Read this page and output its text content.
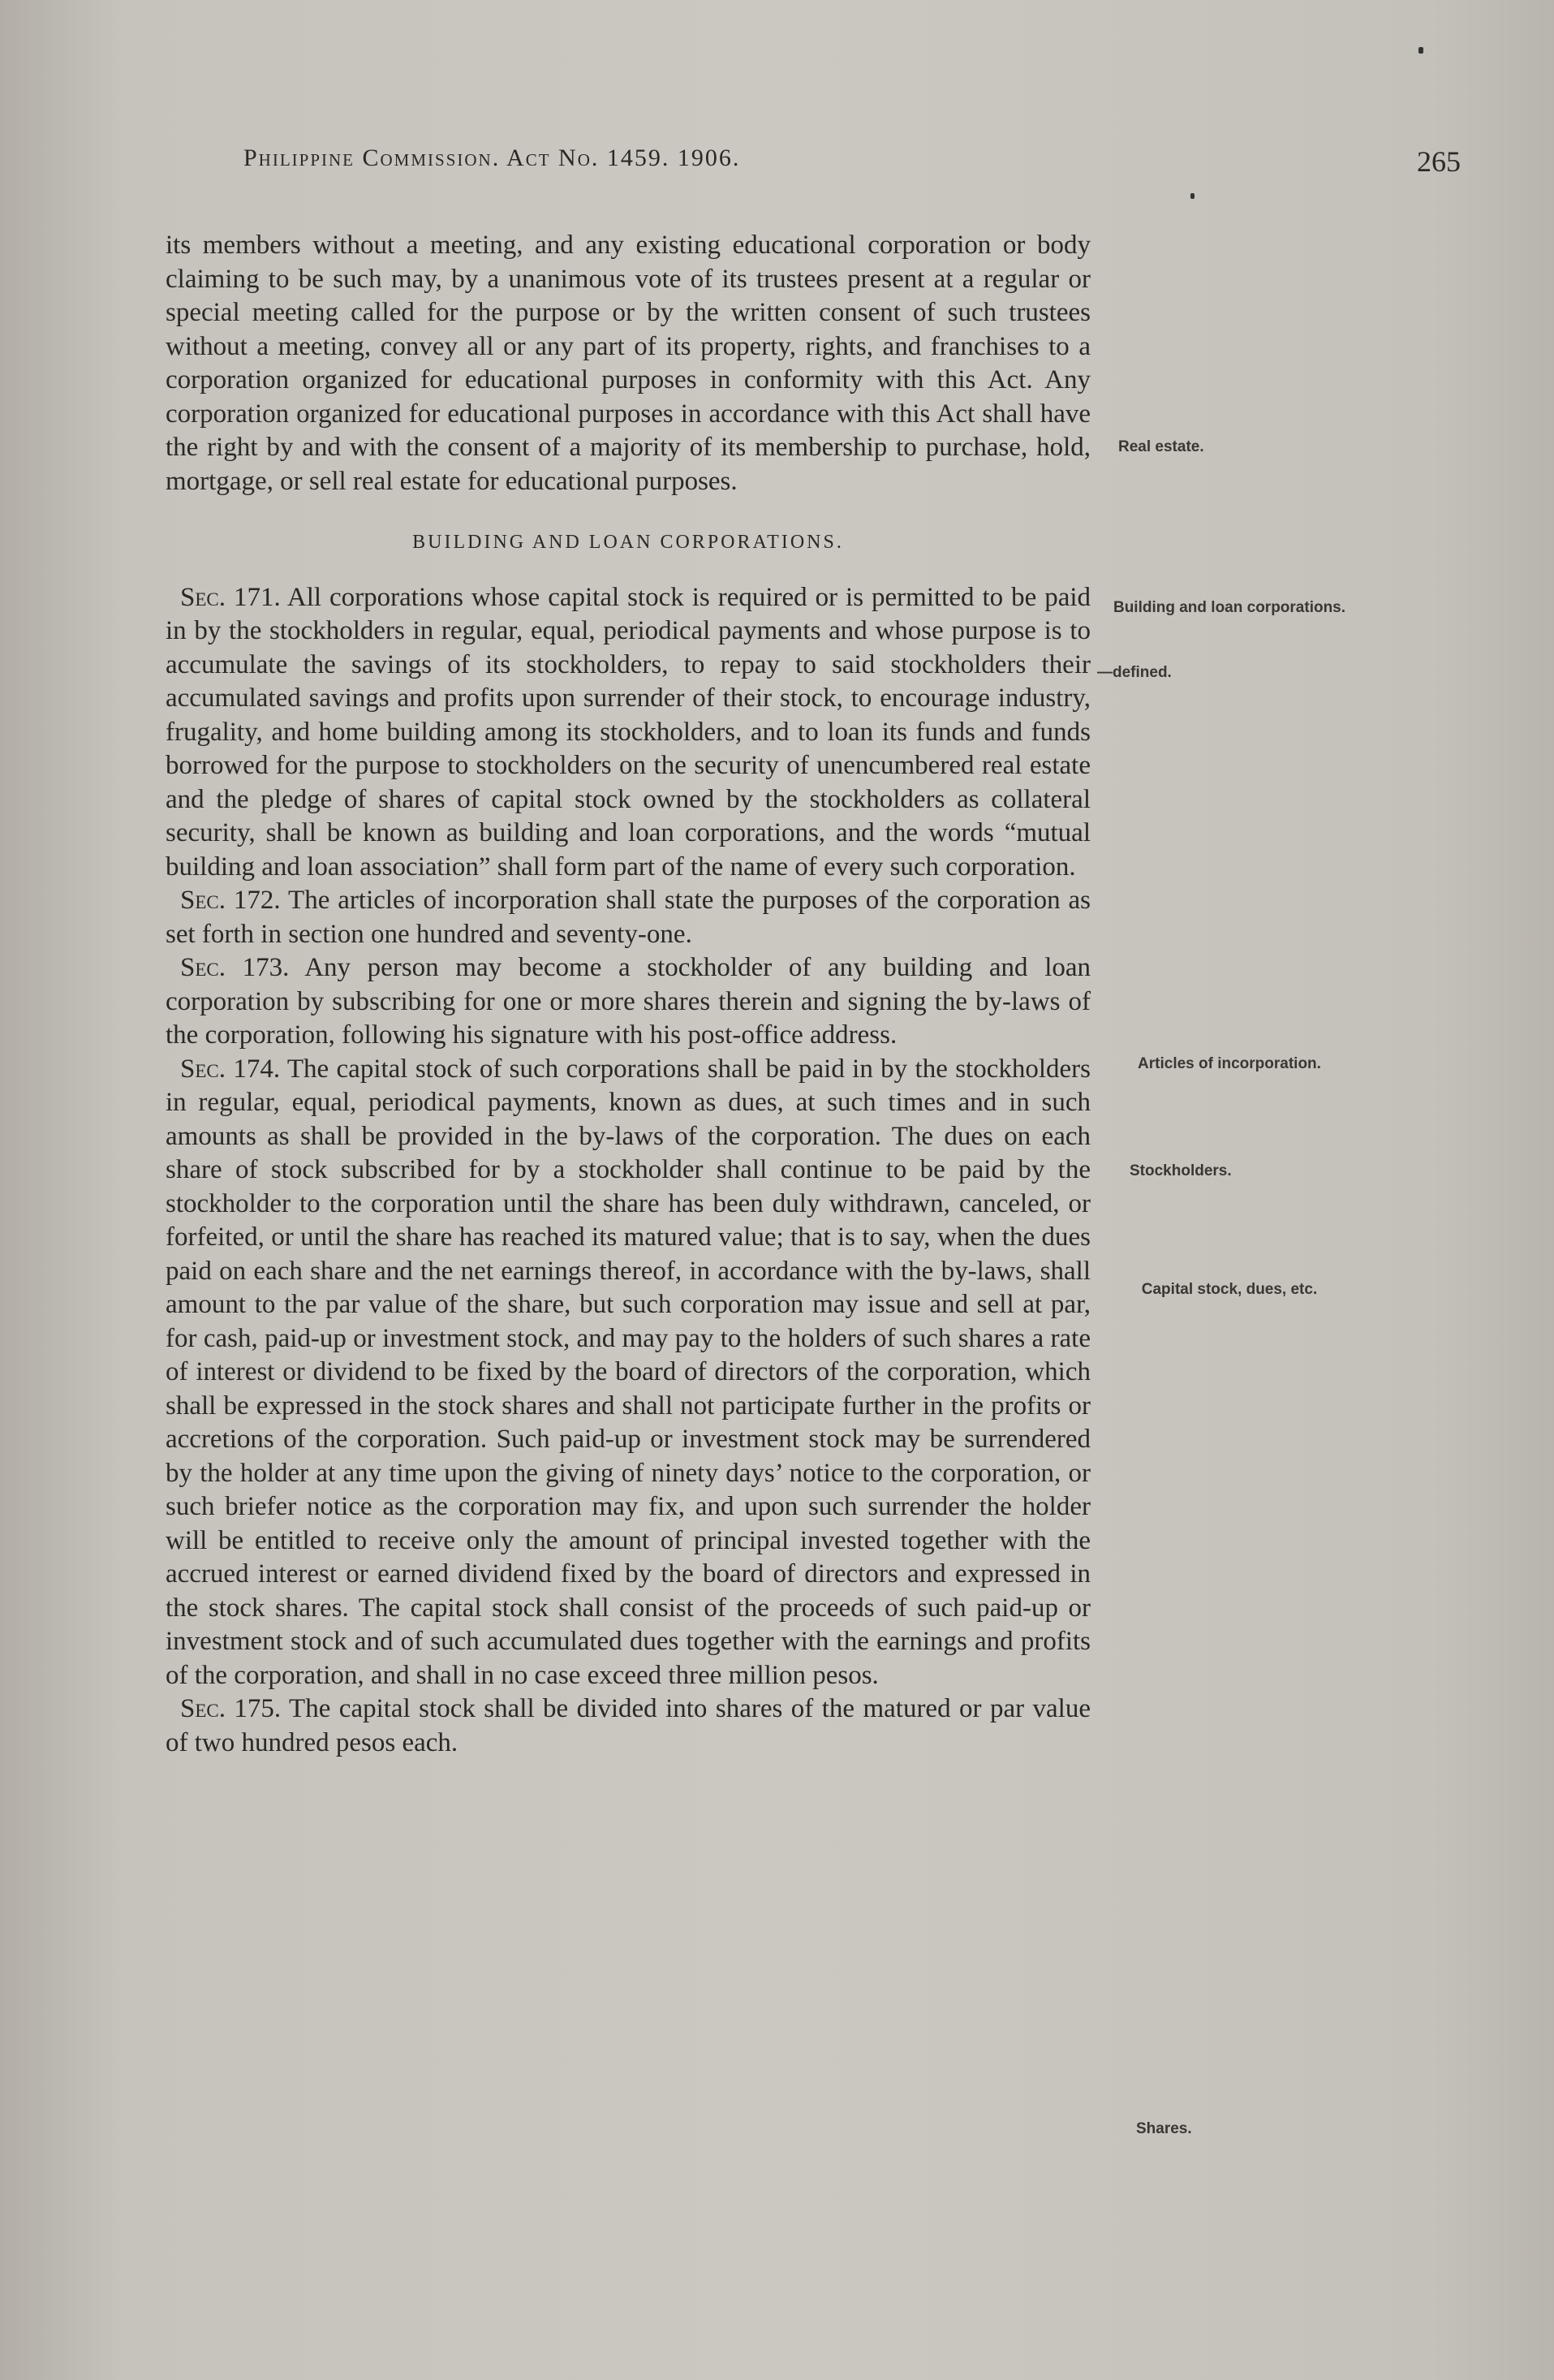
Philippine Commission. Act No. 1459. 1906.	265

its members without a meeting, and any existing educational corporation or body claiming to be such may, by a unanimous vote of its trustees present at a regular or special meeting called for the purpose or by the written consent of such trustees without a meeting, convey all or any part of its property, rights, and franchises to a corporation organized for educational purposes in conformity with this Act. Any corporation organized for educational purposes in accordance with this Act shall have the right by and with the consent of a majority of its membership to purchase, hold, mortgage, or sell real estate for educational purposes.

BUILDING AND LOAN CORPORATIONS.

Sec. 171. All corporations whose capital stock is required or is permitted to be paid in by the stockholders in regular, equal, periodical payments and whose purpose is to accumulate the savings of its stockholders, to repay to said stockholders their accumulated savings and profits upon surrender of their stock, to encourage industry, frugality, and home building among its stockholders, and to loan its funds and funds borrowed for the purpose to stockholders on the security of unencumbered real estate and the pledge of shares of capital stock owned by the stockholders as collateral security, shall be known as building and loan corporations, and the words “mutual building and loan association” shall form part of the name of every such corporation.

Sec. 172. The articles of incorporation shall state the purposes of the corporation as set forth in section one hundred and seventy-one.

Sec. 173. Any person may become a stockholder of any building and loan corporation by subscribing for one or more shares therein and signing the by-laws of the corporation, following his signature with his post-office address.

Sec. 174. The capital stock of such corporations shall be paid in by the stockholders in regular, equal, periodical payments, known as dues, at such times and in such amounts as shall be provided in the by-laws of the corporation. The dues on each share of stock subscribed for by a stockholder shall continue to be paid by the stockholder to the corporation until the share has been duly withdrawn, canceled, or forfeited, or until the share has reached its matured value; that is to say, when the dues paid on each share and the net earnings thereof, in accordance with the by-laws, shall amount to the par value of the share, but such corporation may issue and sell at par, for cash, paid-up or investment stock, and may pay to the holders of such shares a rate of interest or dividend to be fixed by the board of directors of the corporation, which shall be expressed in the stock shares and shall not participate further in the profits or accretions of the corporation. Such paid-up or investment stock may be surrendered by the holder at any time upon the giving of ninety days’ notice to the corporation, or such briefer notice as the corporation may fix, and upon such surrender the holder will be entitled to receive only the amount of principal invested together with the accrued interest or earned dividend fixed by the board of directors and expressed in the stock shares. The capital stock shall consist of the proceeds of such paid-up or investment stock and of such accumulated dues together with the earnings and profits of the corporation, and shall in no case exceed three million pesos.

Sec. 175. The capital stock shall be divided into shares of the matured or par value of two hundred pesos each.

Real estate.
Building and loan corporations.
—defined.
Articles of incorporation.
Stockholders.
Capital stock, dues, etc.
Shares.
